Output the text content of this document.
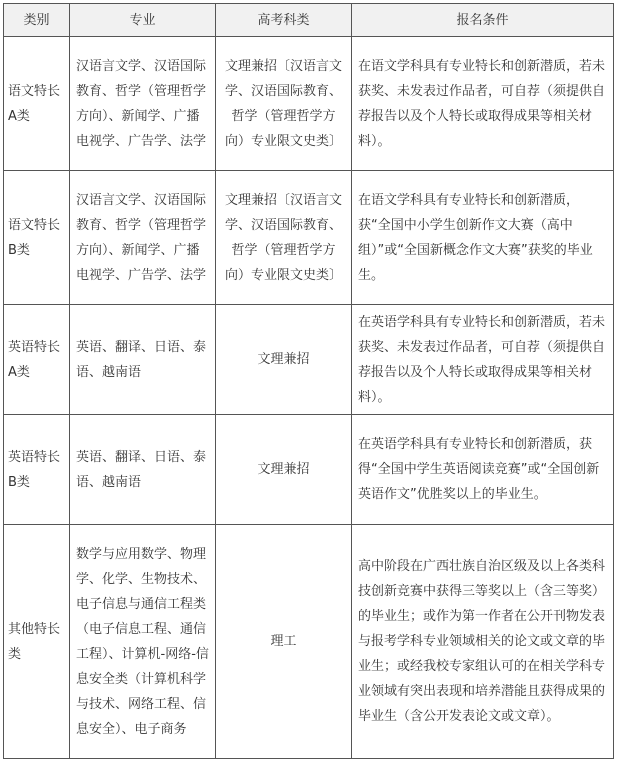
类别	专业	高考科类	报名条件
语文特长A类	汉语言文学、汉语国际教育、哲学（管理哲学方向）、新闻学、广播电视学、广告学、法学	文理兼招〔汉语言文学、汉语国际教育、哲学（管理哲学方向）专业限文史类〕	在语文学科具有专业特长和创新潜质，若未获奖、未发表过作品者，可自荐（须提供自荐报告以及个人特长或取得成果等相关材料）。
语文特长B类	汉语言文学、汉语国际教育、哲学（管理哲学方向）、新闻学、广播电视学、广告学、法学	文理兼招〔汉语言文学、汉语国际教育、哲学（管理哲学方向）专业限文史类〕	在语文学科具有专业特长和创新潜质，获“全国中小学生创新作文大赛（高中组）”或“全国新概念作文大赛”获奖的毕业生。
英语特长A类	英语、翻译、日语、泰语、越南语	文理兼招	在英语学科具有专业特长和创新潜质，若未获奖、未发表过作品者，可自荐（须提供自荐报告以及个人特长或取得成果等相关材料）。
英语特长B类	英语、翻译、日语、泰语、越南语	文理兼招	在英语学科具有专业特长和创新潜质，获得“全国中学生英语阅读竞赛”或“全国创新英语作文”优胜奖以上的毕业生。
其他特长类	数学与应用数学、物理学、化学、生物技术、电子信息与通信工程类（电子信息工程、通信工程）、计算机-网络-信息安全类（计算机科学与技术、网络工程、信息安全）、电子商务	理工	高中阶段在广西壮族自治区级及以上各类科技创新竞赛中获得三等奖以上（含三等奖）的毕业生；或作为第一作者在公开刊物发表与报考学科专业领域相关的论文或文章的毕业生；或经我校专家组认可的在相关学科专业领域有突出表现和培养潜能且获得成果的毕业生（含公开发表论文或文章）。
